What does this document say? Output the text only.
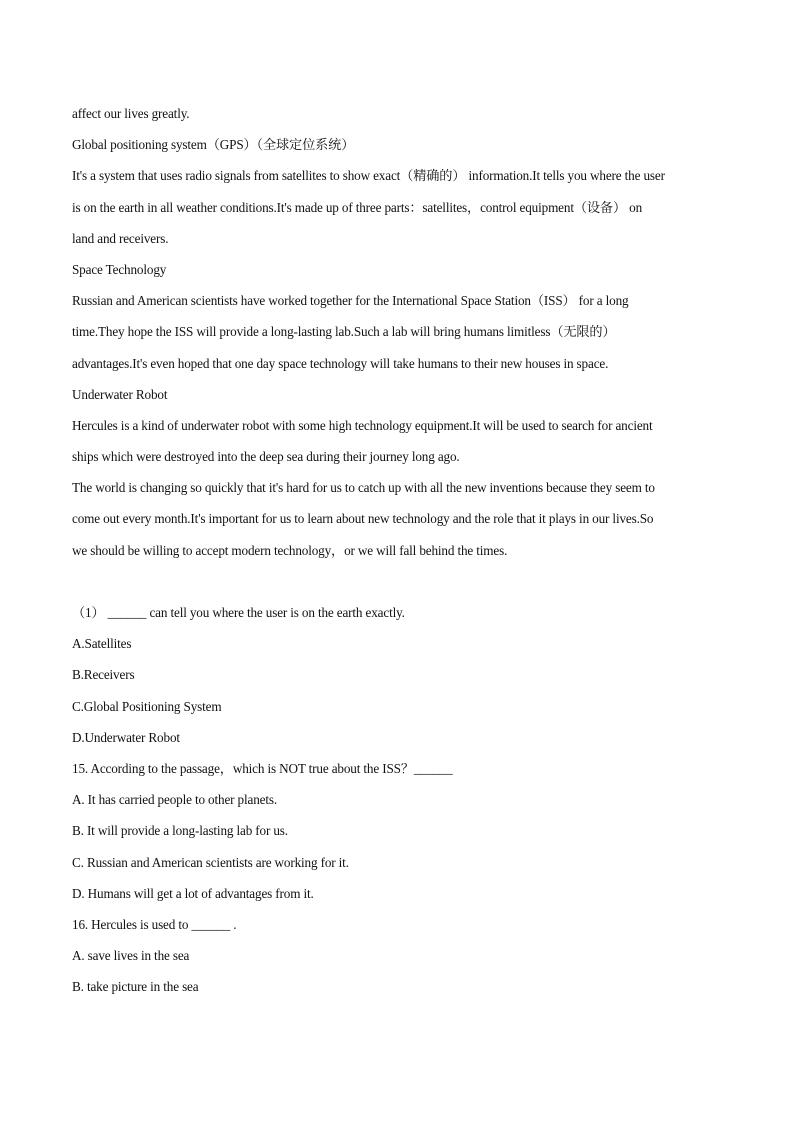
affect our lives greatly.
Global positioning system（GPS）（全球定位系统）
It's a system that uses radio signals from satellites to show exact（精确的） information.It tells you where the user
is on the earth in all weather conditions.It's made up of three parts：satellites，control equipment（设备） on
land and receivers.
Space Technology
Russian and American scientists have worked together for the International Space Station（ISS） for a long
time.They hope the ISS will provide a long-lasting lab.Such a lab will bring humans limitless（无限的）
advantages.It's even hoped that one day space technology will take humans to their new houses in space.
Underwater Robot
Hercules is a kind of underwater robot with some high technology equipment.It will be used to search for ancient
ships which were destroyed into the deep sea during their journey long ago.
The world is changing so quickly that it's hard for us to catch up with all the new inventions because they seem to
come out every month.It's important for us to learn about new technology and the role that it plays in our lives.So
we should be willing to accept modern technology，or we will fall behind the times.
（1） ______ can tell you where the user is on the earth exactly.
A.Satellites
B.Receivers
C.Global Positioning System
D.Underwater Robot
15. According to the passage，which is NOT true about the ISS？______
A. It has carried people to other planets.
B. It will provide a long-lasting lab for us.
C. Russian and American scientists are working for it.
D. Humans will get a lot of advantages from it.
16. Hercules is used to ______ .
A. save lives in the sea
B. take picture in the sea
